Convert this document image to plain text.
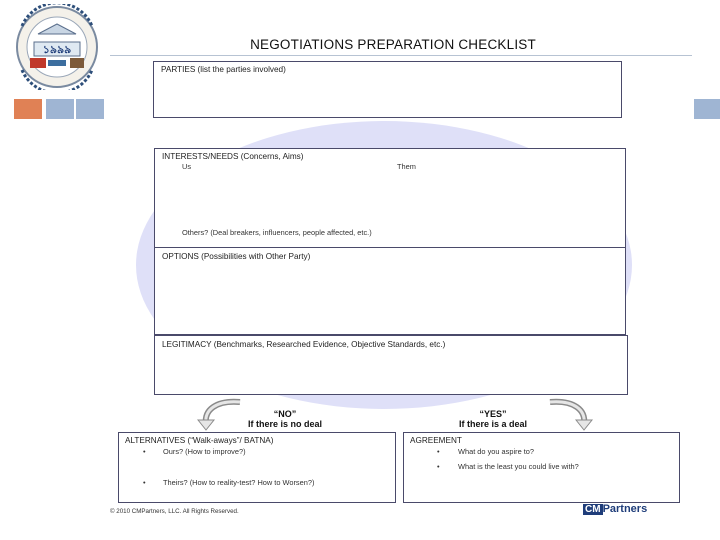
১৯৯৯	NEGOTIATIONS PREPARATION CHECKLIST
PARTIES (list the parties involved)
INTERESTS/NEEDS (Concerns, Aims)
Us	Them
Others? (Deal breakers, influencers, people affected, etc.)
OPTIONS (Possibilities with Other Party)
LEGITIMACY (Benchmarks, Researched Evidence, Objective Standards, etc.)
“NO”
If there is no deal
“YES”
If there is a deal
ALTERNATIVES (“Walk-aways”/ BATNA)
• Ours? (How to improve?)
• Theirs? (How to reality-test? How to Worsen?)
AGREEMENT
• What do you aspire to?
• What is the least you could live with?
© 2010 CMPartners, LLC. All Rights Reserved.	CM Partners
